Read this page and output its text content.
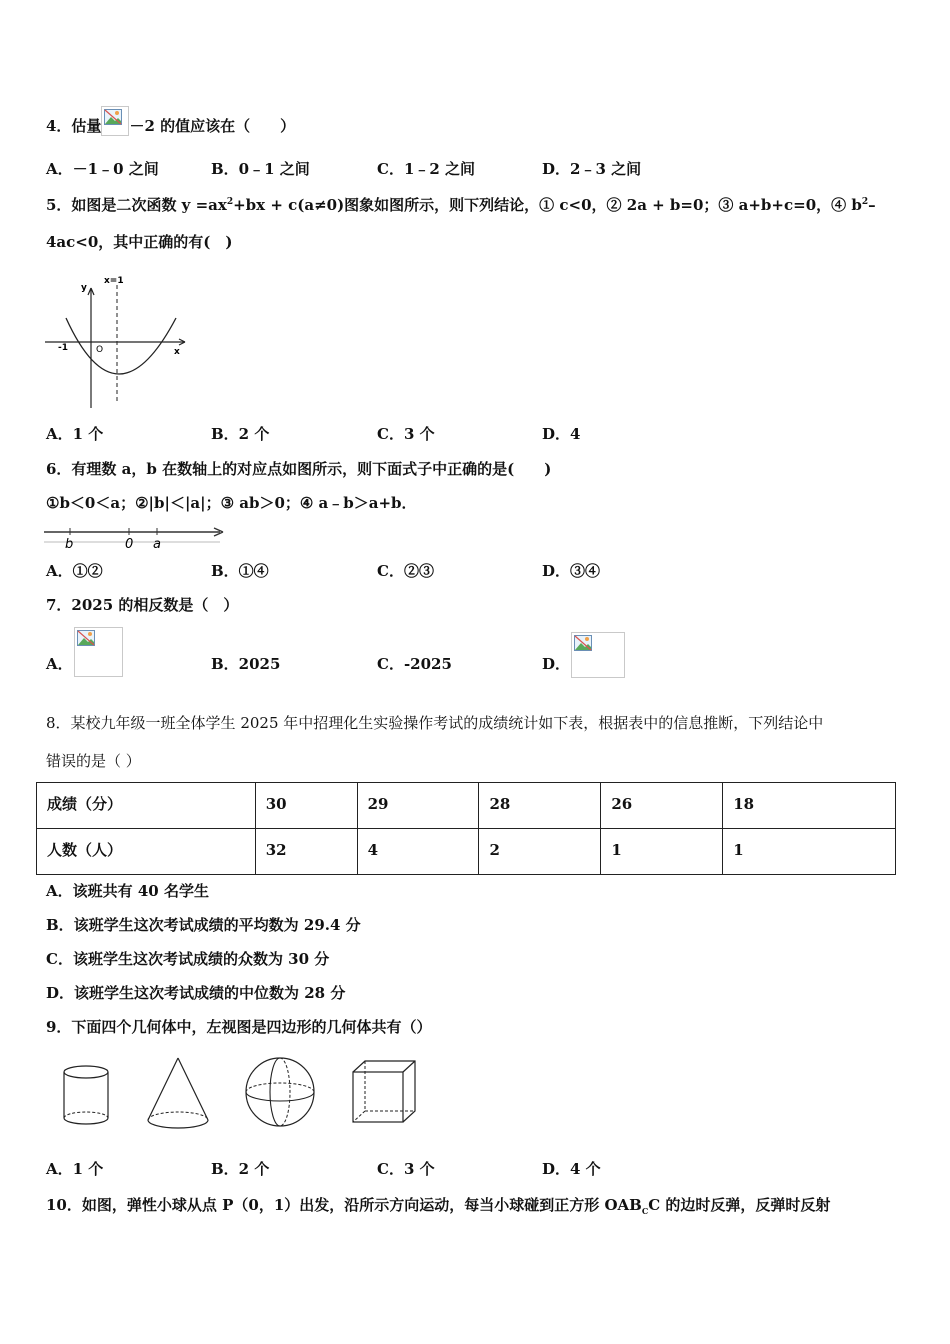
4．估量 －2 的值应该在（　　）
A．－1﹣0 之间	B．0﹣1 之间	C．1﹣2 之间	D．2﹣3 之间
5．如图是二次函数 $y =ax^2+bx + c(a\ne 0)$图象如图所示，则下列结论，① c<0，② 2a + b=0；③ a+b+c=0，④ $b^2-$
4ac<0，其中正确的有(　)
x=1
y
x
-1	O
A．1 个	B．2 个	C．3 个	D．4
6．有理数 a，b 在数轴上的对应点如图所示，则下面式子中正确的是(　　)
①b＜0＜a；②|b|＜|a|；③ ab＞0；④ a﹣b＞a+b．
b	0 a
A．①②	B．①④	C．②③	D．③④
7．2025 的相反数是（　）
A．	B．2025	C．-2025	D．
8．某校九年级一班全体学生 2025 年中招理化生实验操作考试的成绩统计如下表，根据表中的信息推断，下列结论中
错误的是（ ）
成绩（分）	30	29	28	26	18
人数（人）	32	4	2	1	1
A．该班共有 40 名学生
B．该班学生这次考试成绩的平均数为 29.4 分
C．该班学生这次考试成绩的众数为 30 分
D．该班学生这次考试成绩的中位数为 28 分
9．下面四个几何体中，左视图是四边形的几何体共有（）
A．1 个	B．2 个	C．3 个	D．4 个
10．如图，弹性小球从点 P（0，1）出发，沿所示方向运动，每当小球碰到正方形 $OAB_CC$ 的边时反弹，反弹时反射
